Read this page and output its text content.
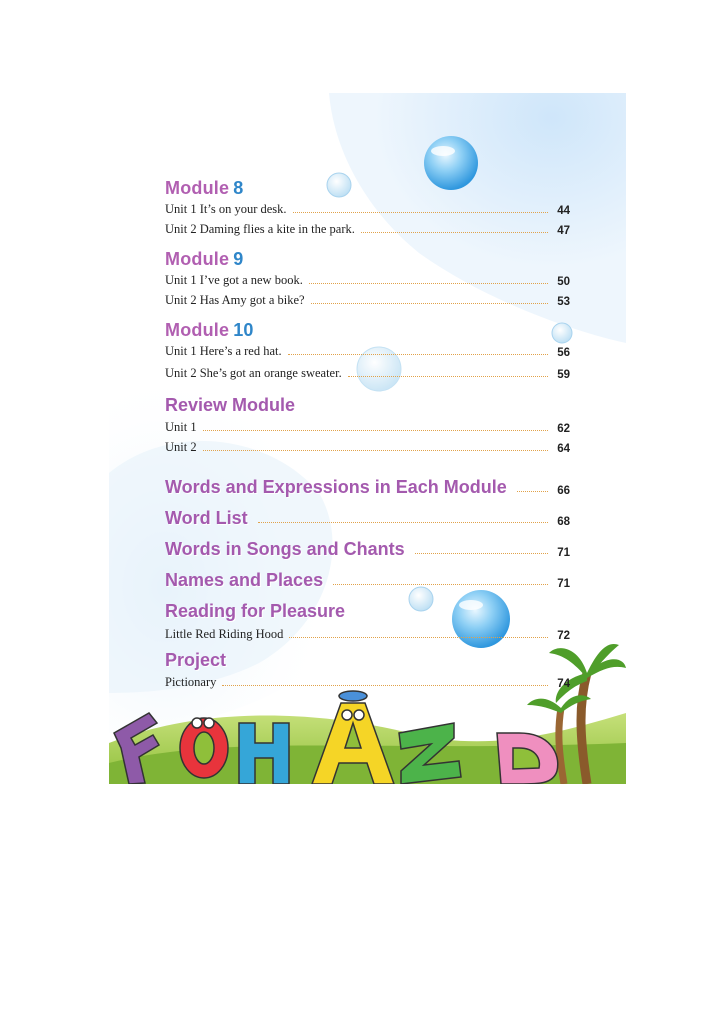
Module 8
Unit 1 It’s on your desk.	44
Unit 2 Daming flies a kite in the park.	47
Module 9
Unit 1 I’ve got a new book.	50
Unit 2 Has Amy got a bike?	53
Module 10
Unit 1 Here’s a red hat.	56
Unit 2 She’s got an orange sweater.	59
Review Module
Unit 1	62
Unit 2	64
Words and Expressions in Each Module	66
Word List	68
Words in Songs and Chants	71
Names and Places	71
Reading for Pleasure
Little Red Riding Hood	72
Project
Pictionary	74
